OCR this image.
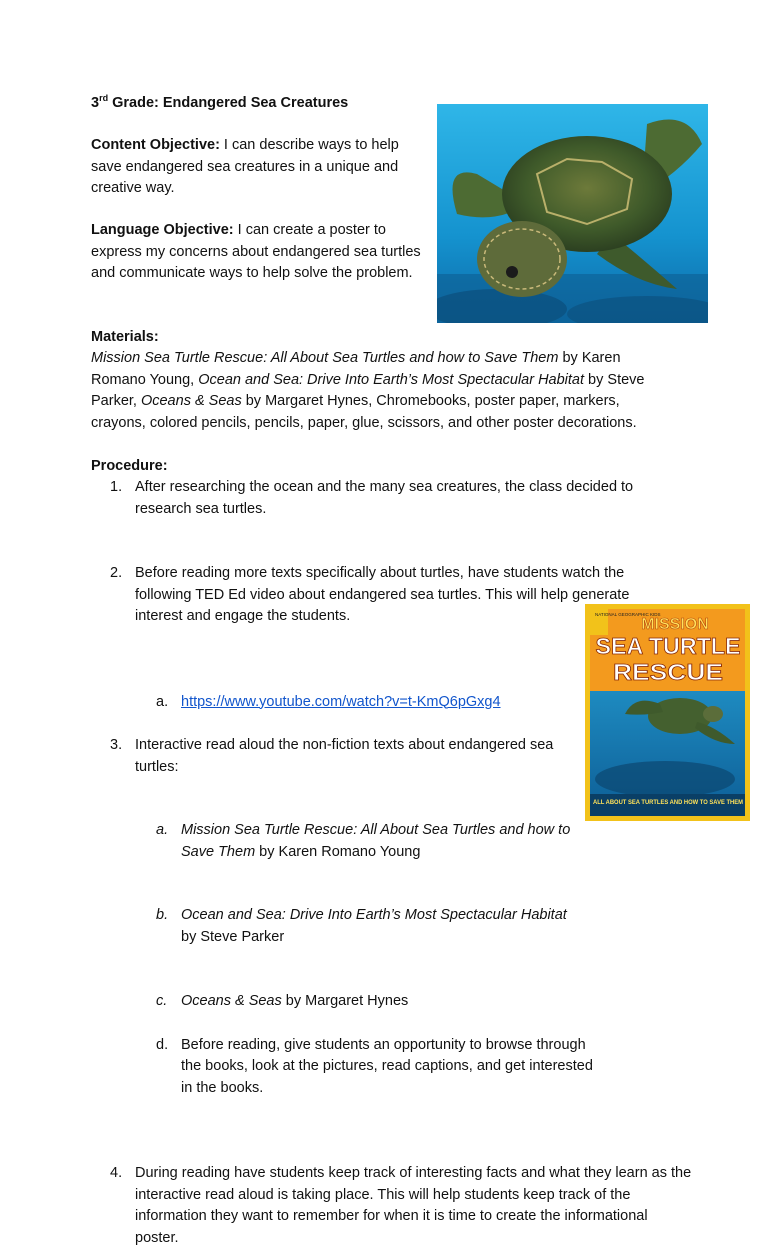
3rd Grade: Endangered Sea Creatures

Content Objective: I can describe ways to help save endangered sea creatures in a unique and creative way.

Language Objective: I can create a poster to express my concerns about endangered sea turtles and communicate ways to help solve the problem.

Materials:

Mission Sea Turtle Rescue: All About Sea Turtles and how to Save Them by Karen Romano Young, Ocean and Sea: Drive Into Earth’s Most Spectacular Habitat by Steve Parker, Oceans & Seas by Margaret Hynes, Chromebooks, poster paper, markers, crayons, colored pencils, pencils, paper, glue, scissors, and other poster decorations.

Procedure:

1. After researching the ocean and the many sea creatures, the class decided to research sea turtles.
2. Before reading more texts specifically about turtles, have students watch the following TED Ed video about endangered sea turtles. This will help generate interest and engage the students.
a. https://www.youtube.com/watch?v=t-KmQ6pGxg4
3. Interactive read aloud the non-fiction texts about endangered sea turtles:
a. Mission Sea Turtle Rescue: All About Sea Turtles and how to Save Them by Karen Romano Young
b. Ocean and Sea: Drive Into Earth’s Most Spectacular Habitat by Steve Parker
c. Oceans & Seas by Margaret Hynes
d. Before reading, give students an opportunity to browse through the books, look at the pictures, read captions, and get interested in the books.
4. During reading have students keep track of interesting facts and what they learn as the interactive read aloud is taking place. This will help students keep track of the information they want to remember for when it is time to create the informational poster.
NATIONAL GEOGRAPHIC KIDS
MISSION
SEA TURTLE
RESCUE
ALL ABOUT SEA TURTLES AND HOW TO SAVE THEM
